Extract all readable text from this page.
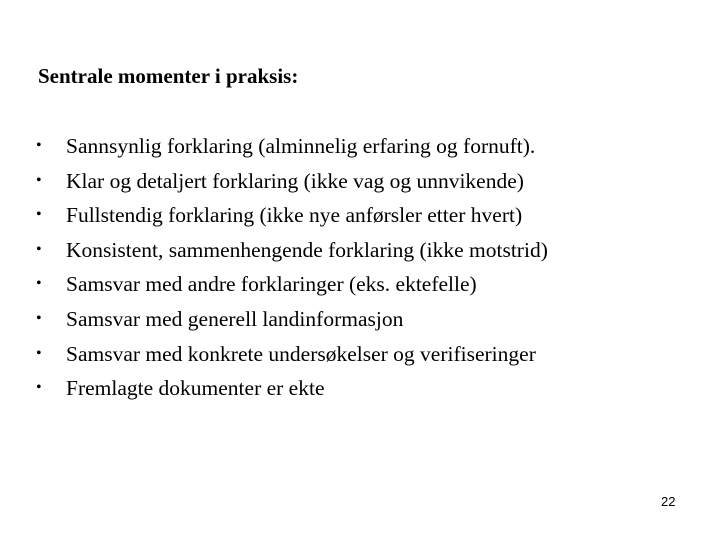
Sentrale momenter i praksis:
• Sannsynlig forklaring (alminnelig erfaring og fornuft).
• Klar og detaljert forklaring (ikke vag og unnvikende)
• Fullstendig forklaring (ikke nye anførsler etter hvert)
• Konsistent, sammenhengende forklaring (ikke motstrid)
• Samsvar med andre forklaringer (eks. ektefelle)
• Samsvar med generell landinformasjon
• Samsvar med konkrete undersøkelser og verifiseringer
• Fremlagte dokumenter er ekte
22
